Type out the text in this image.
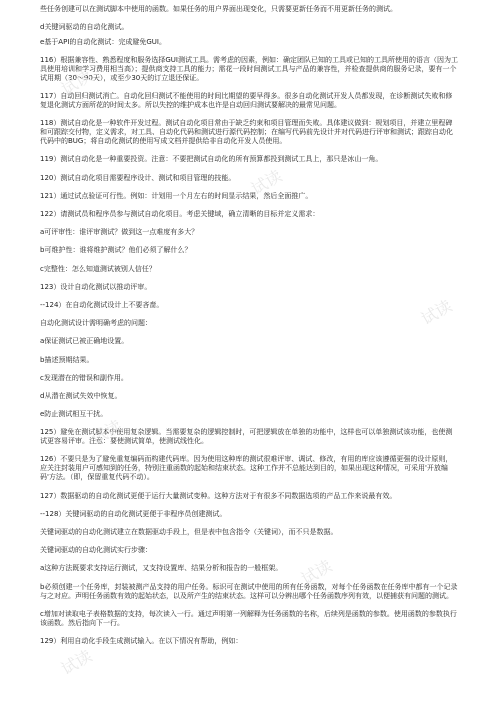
些任务创建可以在测试脚本中使用的函数。如果任务的用户界面出现变化，只需要更新任务而不用更新任务的测试。

d关键词驱动的自动化测试。

e基于API的自动化测试：完成避免GUI。

116）根据兼容性、熟悉程度和服务选择GUI测试工具。需考虑的因素，例如：确定团队已知的工具或已知的工具所使用的语言（因为工具使用培训和学习费用相当高）；提供商支持工具的能力；需花一段时间测试工具与产品的兼容性，并检查提供商的服务记录，要有一个试用期（30～90天），或至少30天的订立退还保证。

117）自动回归测试消亡。自动化回归测试不能使用的时间比期望的要早得多。很多自动化测试开发人员都发现，在诊断测试失败和修复退化测试方面所花的时间太多。所以失控的维护成本也许是自动回归测试要解决的最常见问题。

118）测试自动化是一种软件开发过程。测试自动化项目常由于缺乏约束和项目管理而失败。具体建议做到：规划项目，并建立里程碑和可跟踪交付物，定义需求，对工具、自动化代码和测试进行源代码控制；在编写代码前先设计并对代码进行评审和测试；跟踪自动化代码中的BUG；将自动化测试的使用写成文档并提供给非自动化开发人员使用。

119）测试自动化是一种重要投资。注意：不要把测试自动化的所有预算都投到测试工具上，那只是冰山一角。

120）测试自动化项目需要程序设计、测试和项目管理的技能。

121）通过试点验证可行性。例如：计划用一个月左右的时间显示结果，然后全面推广。

122）请测试员和程序员参与测试自动化项目。考虑关键域，确立清晰的目标并定义需求：

a可评审性：谁评审测试？做到这一点难度有多大？

b可维护性：谁将维护测试？他们必须了解什么？

c完整性：怎么知道测试被别人信任？

123）设计自动化测试以推动评审。

--124）在自动化测试设计上不要吝啬。

自动化测试设计需明确考虑的问题：

a保证测试已被正确地设置。

b描述预期结果。

c发现潜在的错误和副作用。

d从潜在测试失效中恢复。

e防止测试相互干扰。

125）避免在测试脚本中使用复杂逻辑。当需要复杂的逻辑控制时，可把逻辑放在单独的功能中，这样也可以单独测试该功能，也使测试更容易评审。注意：要使测试简单，使测试线性化。

126）不要只是为了避免重复编码而构建代码库。因为使用这种库的测试很难评审、调试、修改，有用的库应该遵循更强的设计原则，应关注封装用户可感知到的任务，特别注重函数的起始和结束状态。这种工作并不总能达到目的，如果出现这种情况，可采用'开放编码'方法。（即，保留重复代码不动）。

127）数据驱动的自动化测试更便于运行大量测试变种。这种方法对于有很多不同数据选项的产品工作来说最有效。

--128）关键词驱动的自动化测试更便于非程序员创建测试。

关键词驱动的自动化测试建立在数据驱动手段上，但是表中包含指令（关键词），而不只是数据。

关键词驱动的自动化测试实行步骤：

a这种方法既要求支持运行测试，又支持设置库、结果分析和报告的一般框架。

b必须创建一个任务库，封装被测产品支持的用户任务。标识可在测试中使用的所有任务函数，对每个任务函数在任务库中都有一个记录与之对应。声明任务函数有效的起始状态，以及所产生的结束状态。这样可以分辨出哪个任务函数序列有效，以便捕获有问题的测试。

c增加对读取电子表格数据的支持，每次读入一行。通过声明第一列解释为任务函数的名称，后续列是函数的参数。使用函数的参数执行该函数。然后指向下一行。

129）利用自动化手段生成测试输入。在以下情况有帮助，例如：

试读
试读
试读
试读
试读
试读
